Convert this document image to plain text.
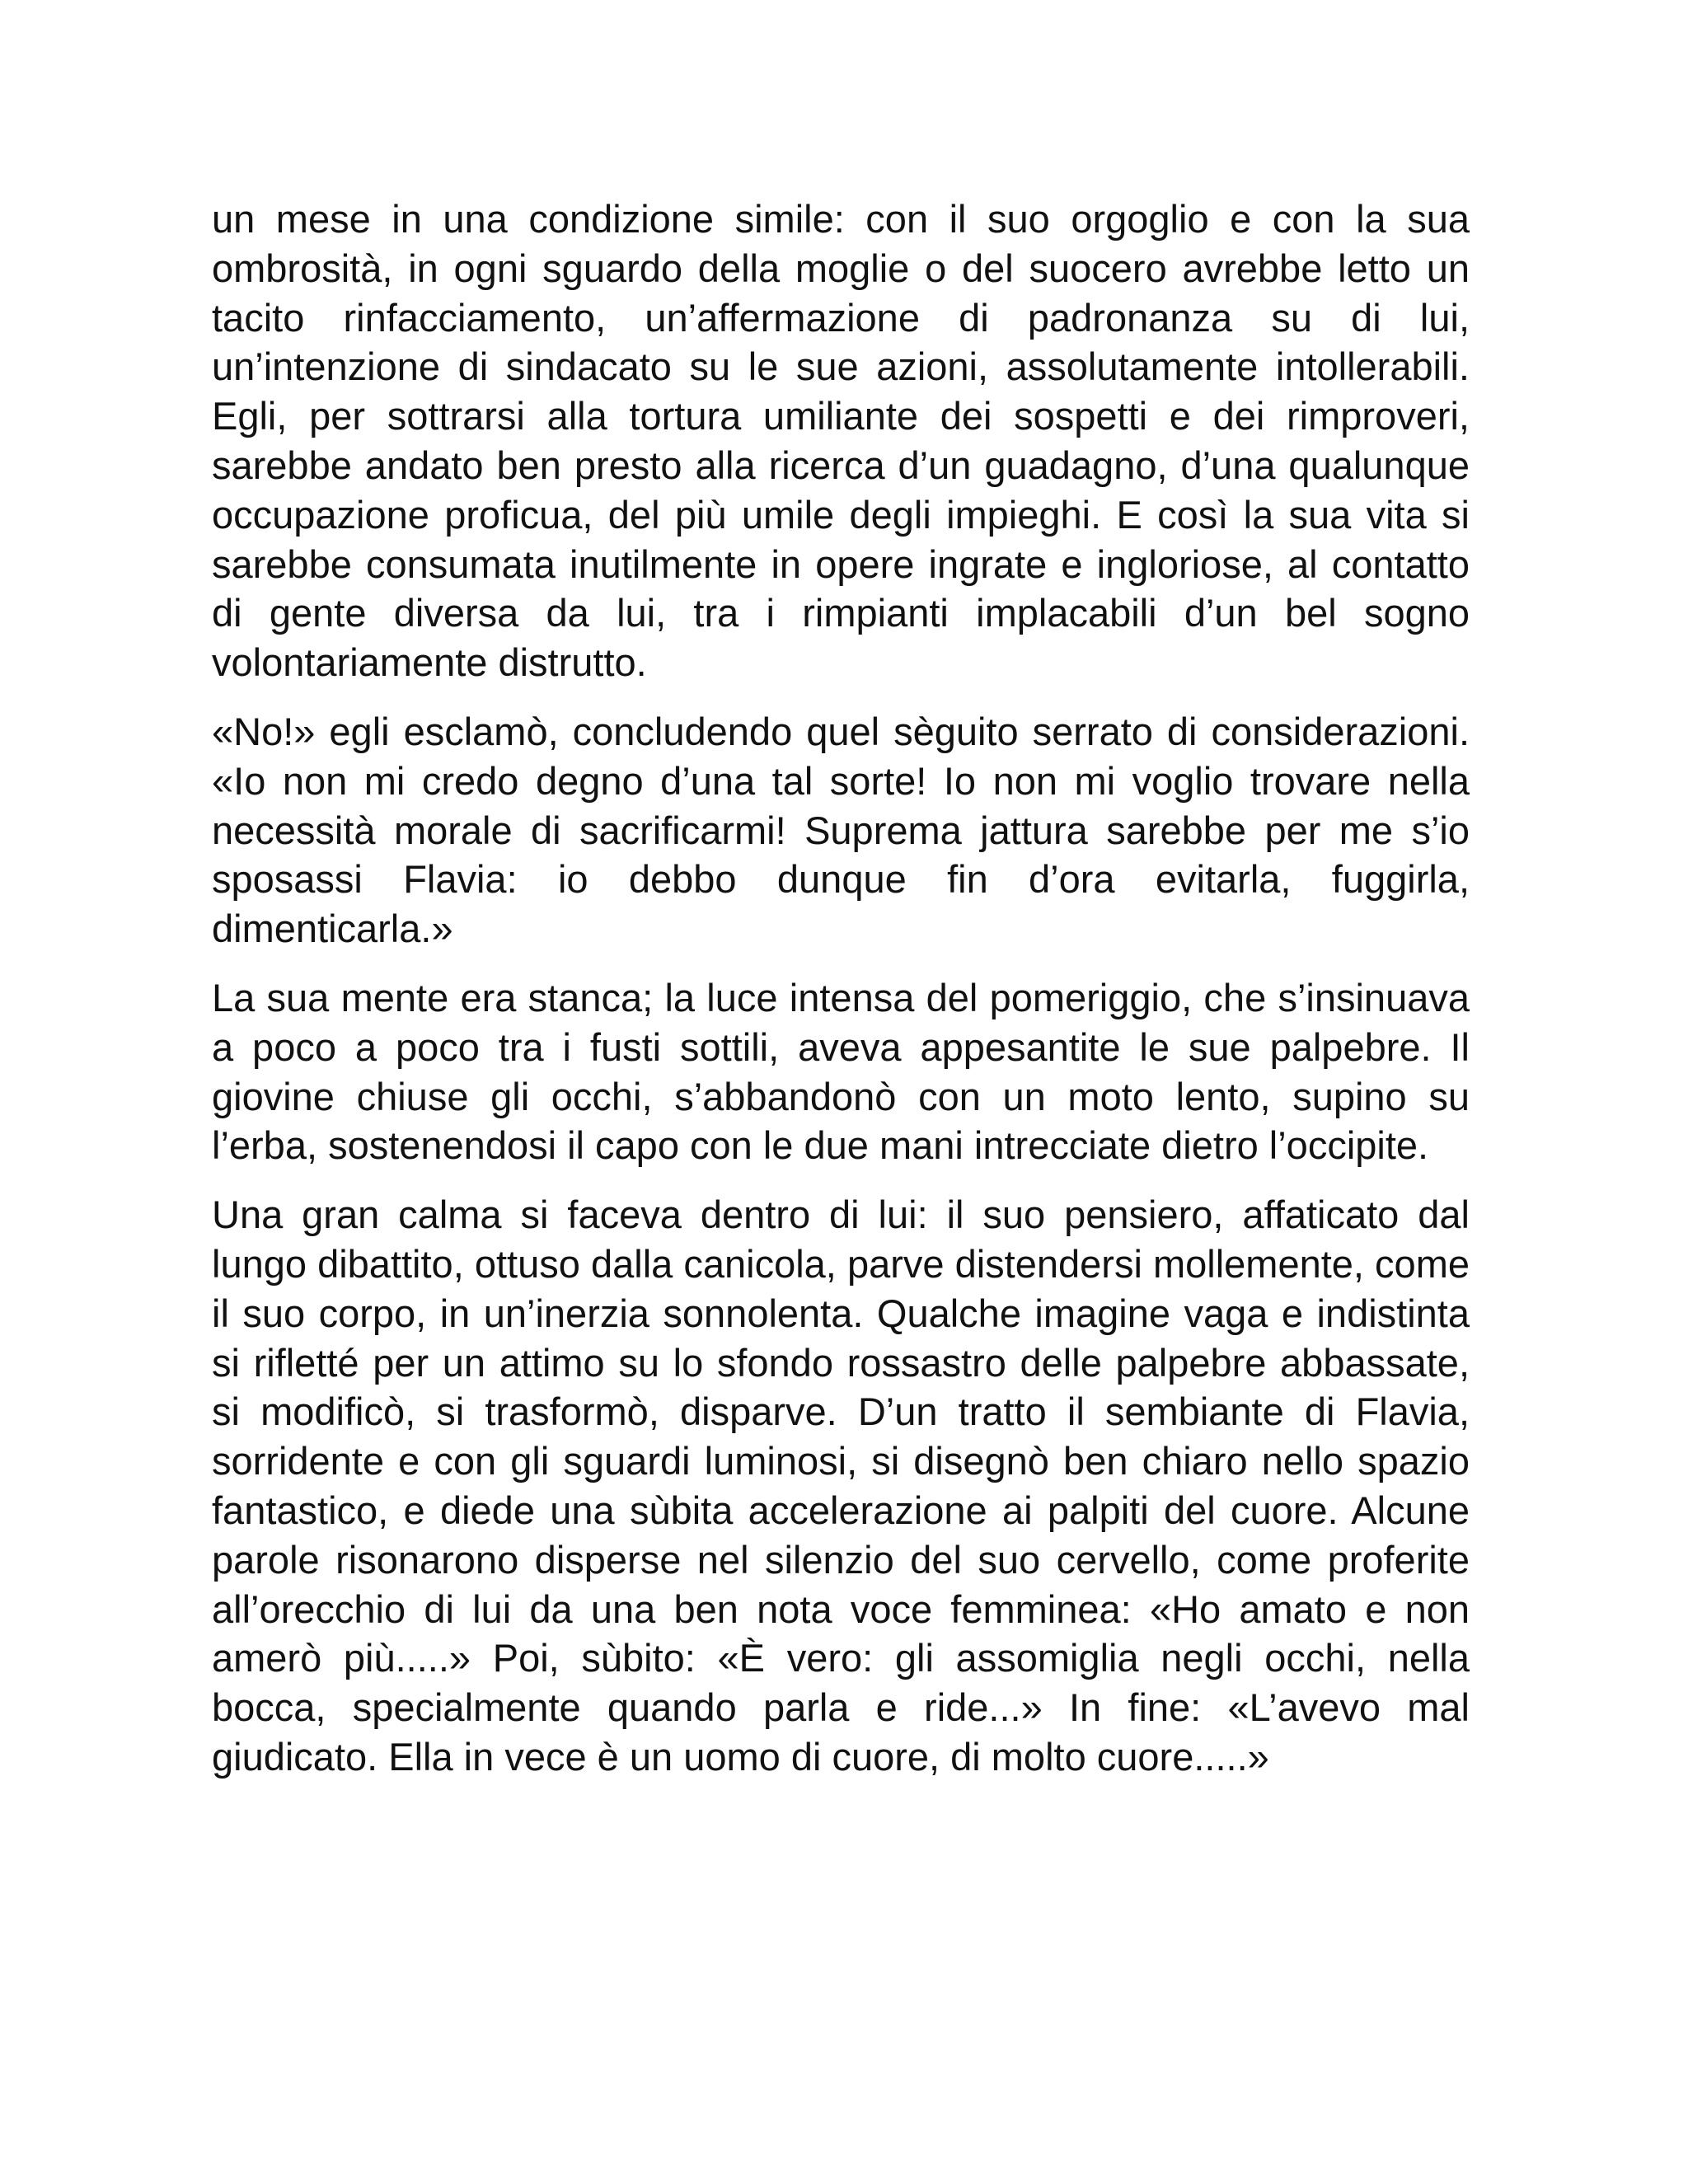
un mese in una condizione simile: con il suo orgoglio e con la sua ombrosità, in ogni sguardo della moglie o del suocero avrebbe letto un tacito rinfacciamento, un’affermazione di padronanza su di lui, un’intenzione di sindacato su le sue azioni, assolutamente intollerabili. Egli, per sottrarsi alla tortura umiliante dei sospetti e dei rimproveri, sarebbe andato ben presto alla ricerca d’un guadagno, d’una qualunque occupazione proficua, del più umile degli impieghi. E così la sua vita si sarebbe consumata inutilmente in opere ingrate e ingloriose, al contatto di gente diversa da lui, tra i rimpianti implacabili d’un bel sogno volontariamente distrutto.

«No!» egli esclamò, concludendo quel sèguito serrato di considerazioni. «Io non mi credo degno d’una tal sorte! Io non mi voglio trovare nella necessità morale di sacrificarmi! Suprema jattura sarebbe per me s’io sposassi Flavia: io debbo dunque fin d’ora evitarla, fuggirla, dimenticarla.»

La sua mente era stanca; la luce intensa del pomeriggio, che s’insinuava a poco a poco tra i fusti sottili, aveva appesantite le sue palpebre. Il giovine chiuse gli occhi, s’abbandonò con un moto lento, supino su l’erba, sostenendosi il capo con le due mani intrecciate dietro l’occipite.

Una gran calma si faceva dentro di lui: il suo pensiero, affaticato dal lungo dibattito, ottuso dalla canicola, parve distendersi mollemente, come il suo corpo, in un’inerzia sonnolenta. Qualche imagine vaga e indistinta si rifletté per un attimo su lo sfondo rossastro delle palpebre abbassate, si modificò, si trasformò, disparve. D’un tratto il sembiante di Flavia, sorridente e con gli sguardi luminosi, si disegnò ben chiaro nello spazio fantastico, e diede una sùbita accelerazione ai palpiti del cuore. Alcune parole risonarono disperse nel silenzio del suo cervello, come proferite all’orecchio di lui da una ben nota voce femminea: «Ho amato e non amerò più.....» Poi, sùbito: «È vero: gli assomiglia negli occhi, nella bocca, specialmente quando parla e ride...» In fine: «L’avevo mal giudicato. Ella in vece è un uomo di cuore, di molto cuore.....»
